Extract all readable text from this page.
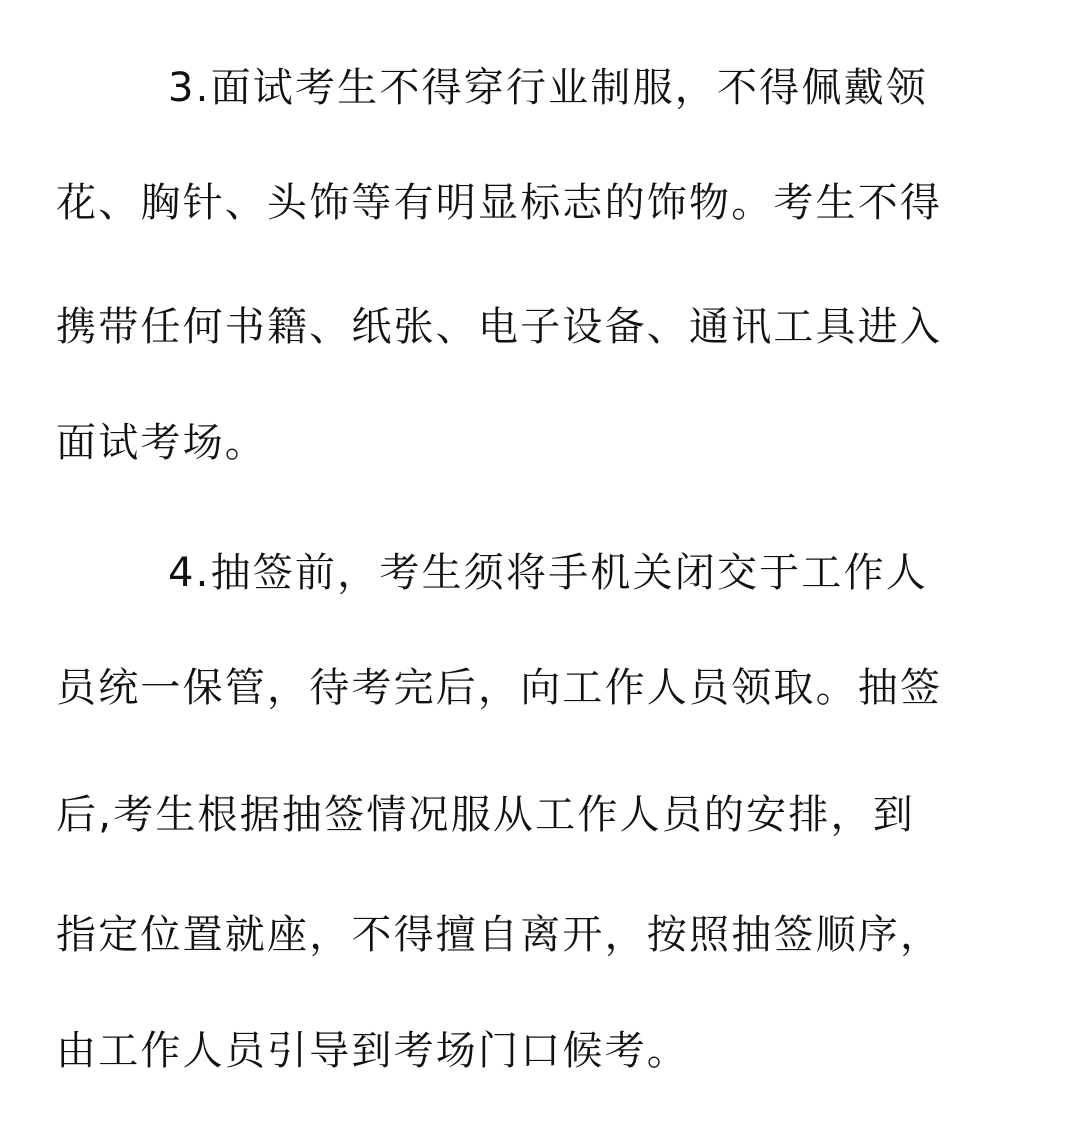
3.面试考生不得穿行业制服，不得佩戴领
花、胸针、头饰等有明显标志的饰物。考生不得
携带任何书籍、纸张、电子设备、通讯工具进入
面试考场。
4.抽签前，考生须将手机关闭交于工作人
员统一保管，待考完后，向工作人员领取。抽签
后,考生根据抽签情况服从工作人员的安排，到
指定位置就座，不得擅自离开，按照抽签顺序，
由工作人员引导到考场门口候考。
